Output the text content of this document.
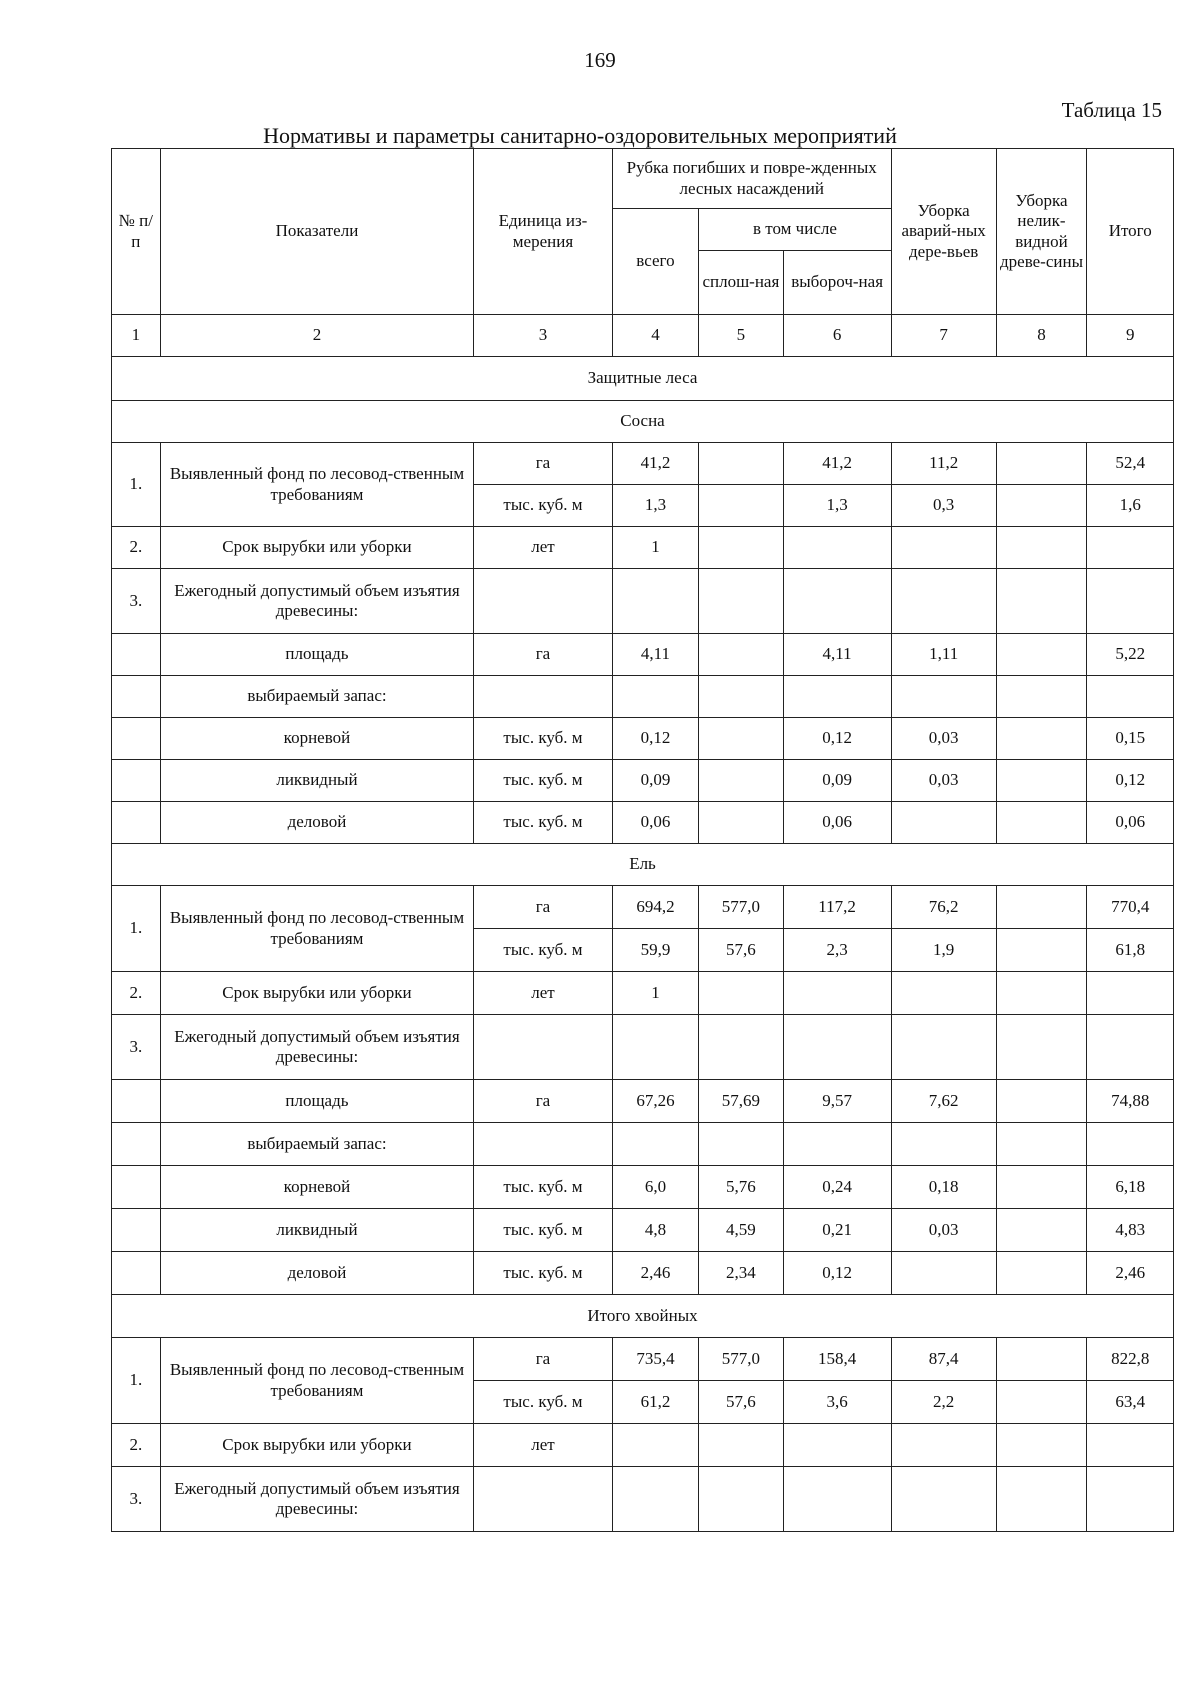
169
Таблица 15
Нормативы и параметры санитарно-оздоровительных мероприятий
№ п/п	Показатели	Единица из-мерения	Рубка погибших и повре-жденных лесных насаждений			Уборка аварий-ных дере-вьев	Уборка нелик-видной древе-сины	Итого
			всего	в том числе				
				сплош-ная	выбороч-ная			
1	2	3	4	5	6	7	8	9
Защитные леса								
Сосна								
1.	Выявленный фонд по лесовод-ственным требованиям	га	41,2		41,2	11,2		52,4
		тыс. куб. м	1,3		1,3	0,3		1,6
2.	Срок вырубки или уборки	лет	1					
3.	Ежегодный допустимый объем изъятия древесины:							
	площадь	га	4,11		4,11	1,11		5,22
	выбираемый запас:							
	корневой	тыс. куб. м	0,12		0,12	0,03		0,15
	ликвидный	тыс. куб. м	0,09		0,09	0,03		0,12
	деловой	тыс. куб. м	0,06		0,06			0,06
Ель								
1.	Выявленный фонд по лесовод-ственным требованиям	га	694,2	577,0	117,2	76,2		770,4
		тыс. куб. м	59,9	57,6	2,3	1,9		61,8
2.	Срок вырубки или уборки	лет	1					
3.	Ежегодный допустимый объем изъятия древесины:							
	площадь	га	67,26	57,69	9,57	7,62		74,88
	выбираемый запас:							
	корневой	тыс. куб. м	6,0	5,76	0,24	0,18		6,18
	ликвидный	тыс. куб. м	4,8	4,59	0,21	0,03		4,83
	деловой	тыс. куб. м	2,46	2,34	0,12			2,46
Итого хвойных								
1.	Выявленный фонд по лесовод-ственным требованиям	га	735,4	577,0	158,4	87,4		822,8
		тыс. куб. м	61,2	57,6	3,6	2,2		63,4
2.	Срок вырубки или уборки	лет						
3.	Ежегодный допустимый объем изъятия древесины:							
